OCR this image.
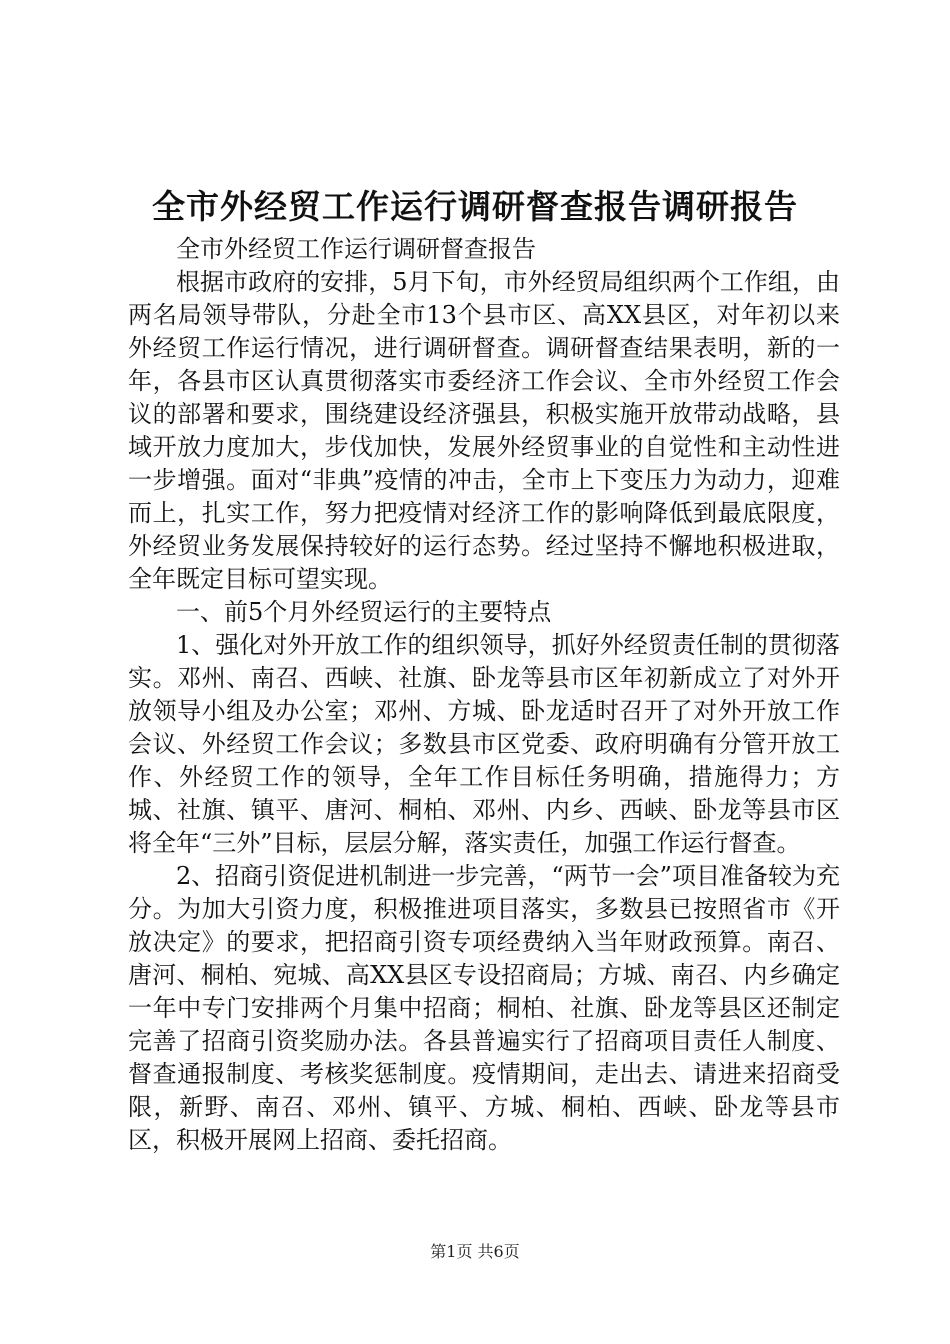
全市外经贸工作运行调研督查报告调研报告

全市外经贸工作运行调研督查报告

根据市政府的安排，5月下旬，市外经贸局组织两个工作组，由两名局领导带队，分赴全市13个县市区、高XX县区，对年初以来外经贸工作运行情况，进行调研督查。调研督查结果表明，新的一年，各县市区认真贯彻落实市委经济工作会议、全市外经贸工作会议的部署和要求，围绕建设经济强县，积极实施开放带动战略，县域开放力度加大，步伐加快，发展外经贸事业的自觉性和主动性进一步增强。面对“非典”疫情的冲击，全市上下变压力为动力，迎难而上，扎实工作，努力把疫情对经济工作的影响降低到最底限度，外经贸业务发展保持较好的运行态势。经过坚持不懈地积极进取，全年既定目标可望实现。

一、前5个月外经贸运行的主要特点

1、强化对外开放工作的组织领导，抓好外经贸责任制的贯彻落实。邓州、南召、西峡、社旗、卧龙等县市区年初新成立了对外开放领导小组及办公室；邓州、方城、卧龙适时召开了对外开放工作会议、外经贸工作会议；多数县市区党委、政府明确有分管开放工作、外经贸工作的领导，全年工作目标任务明确，措施得力；方城、社旗、镇平、唐河、桐柏、邓州、内乡、西峡、卧龙等县市区将全年“三外”目标，层层分解，落实责任，加强工作运行督查。

2、招商引资促进机制进一步完善，“两节一会”项目准备较为充分。为加大引资力度，积极推进项目落实，多数县已按照省市《开放决定》的要求，把招商引资专项经费纳入当年财政预算。南召、唐河、桐柏、宛城、高XX县区专设招商局；方城、南召、内乡确定一年中专门安排两个月集中招商；桐柏、社旗、卧龙等县区还制定完善了招商引资奖励办法。各县普遍实行了招商项目责任人制度、督查通报制度、考核奖惩制度。疫情期间，走出去、请进来招商受限，新野、南召、邓州、镇平、方城、桐柏、西峡、卧龙等县市区，积极开展网上招商、委托招商。

第1页 共6页
